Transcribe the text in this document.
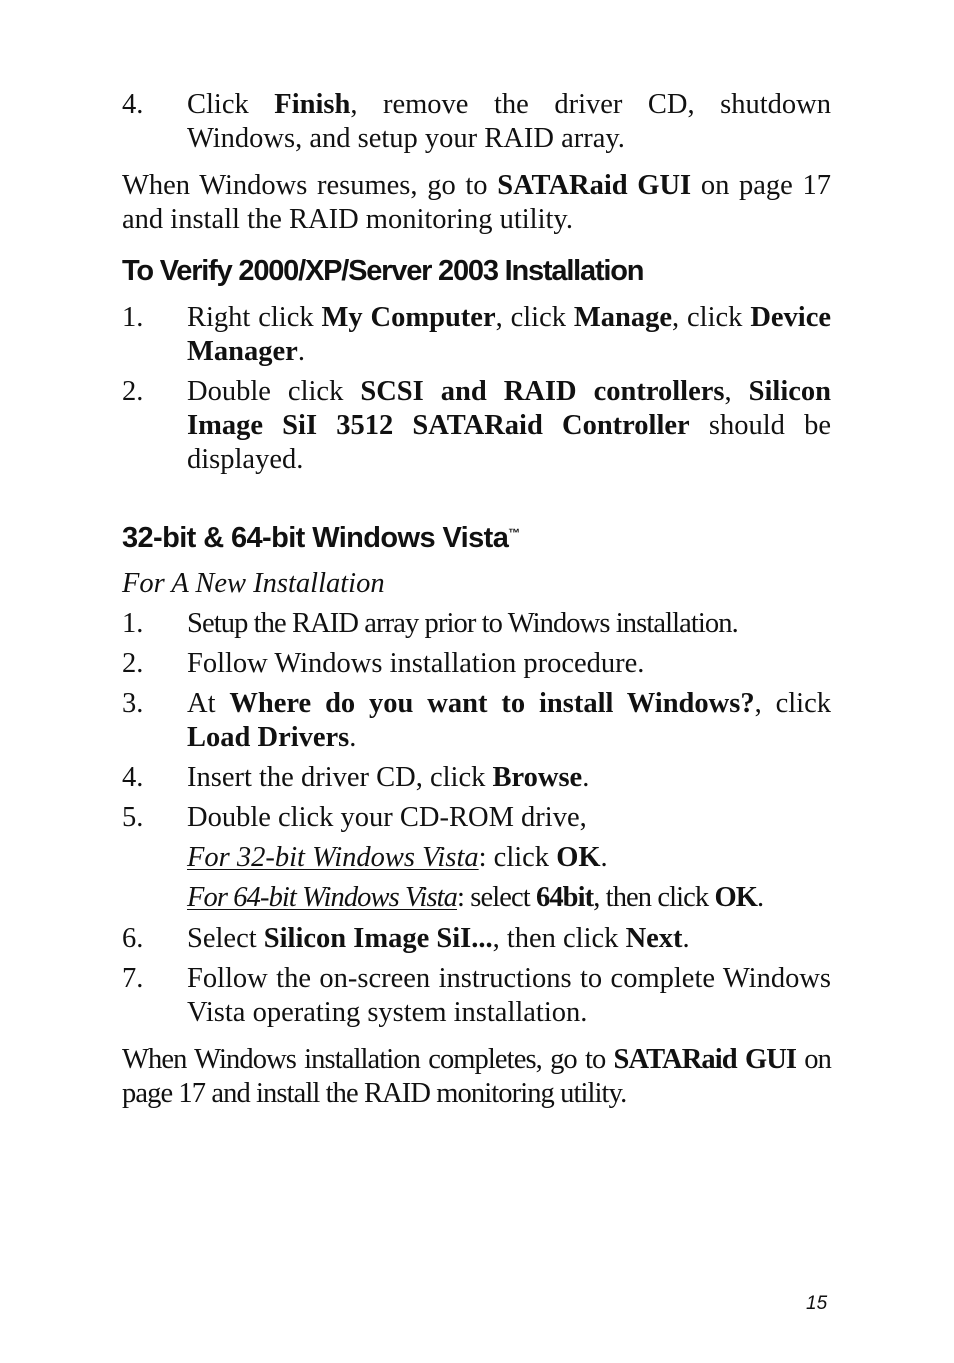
4.	Click Finish, remove the driver CD, shutdown Windows, and setup your RAID array.

When Windows resumes, go to SATARaid GUI on page 17 and install the RAID monitoring utility.

To Verify 2000/XP/Server 2003 Installation
1.	Right click My Computer, click Manage, click Device Manager.
2.	Double click SCSI and RAID controllers, Silicon Image SiI 3512 SATARaid Controller should be displayed.
32-bit & 64-bit Windows Vista™

For A New Installation

1.	Setup the RAID array prior to Windows installation.
2.	Follow Windows installation procedure.
3.	At Where do you want to install Windows?, click Load Drivers.
4.	Insert the driver CD, click Browse.
5.	Double click your CD-ROM drive,

For 32-bit Windows Vista: click OK.

For 64-bit Windows Vista: select 64bit, then click OK.

6.	Select Silicon Image SiI..., then click Next.
7.	Follow the on-screen instructions to complete Windows Vista operating system installation.

When Windows installation completes, go to SATARaid GUI on page 17 and install the RAID monitoring utility.

15
